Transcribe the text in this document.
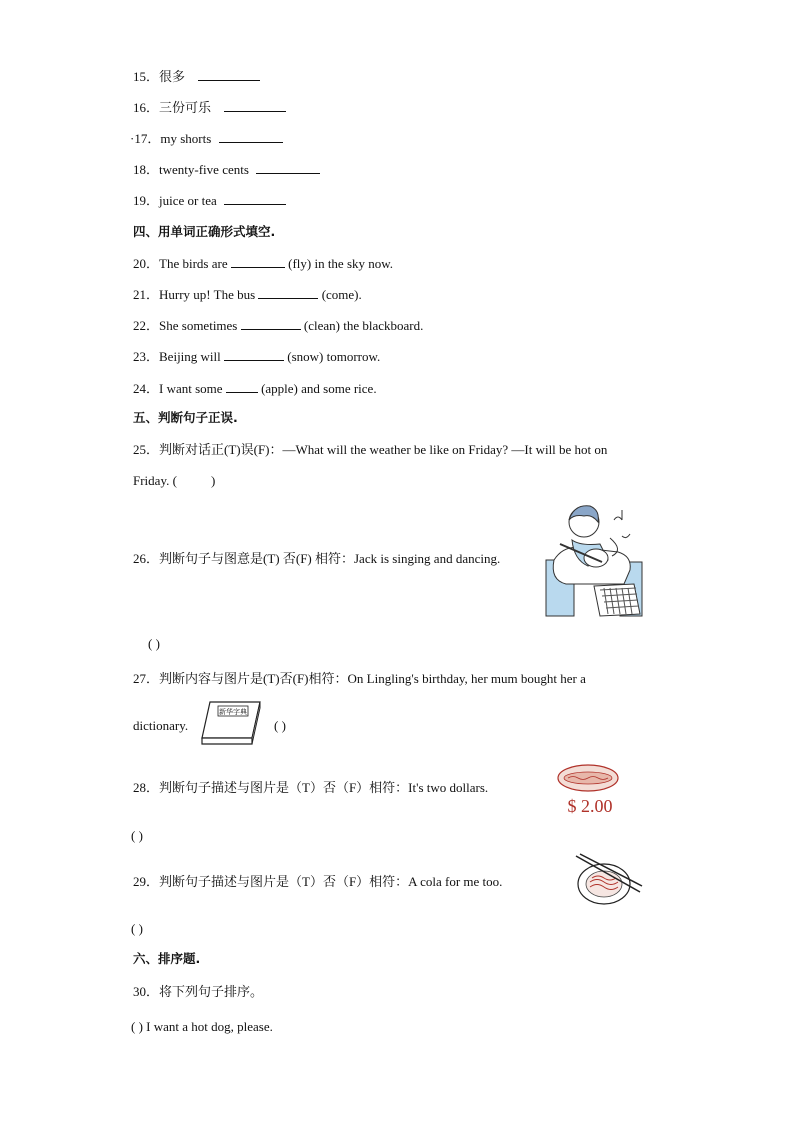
15．很多
16．三份可乐
·17．my shorts
18．twenty-five cents
19．juice or tea
四、用单词正确形式填空.
20．The birds are	(fly) in the sky now.
21．Hurry up! The bus	(come).
22．She sometimes	(clean) the blackboard.
23．Beijing will	(snow) tomorrow.
24．I want some	(apple) and some rice.
五、判断句子正误.
25．判断对话正(T)误(F)：—What will the weather be like on Friday? —It will be hot on
Friday. (	)
26．判断句子与图意是(T) 否(F) 相符：Jack is singing and dancing.
( )
27．判断内容与图片是(T)否(F)相符：On Lingling's birthday, her mum bought her a
dictionary.
新华字典
( )
28．判断句子描述与图片是（T）否（F）相符：It's two dollars.
$ 2.00
( )
29．判断句子描述与图片是（T）否（F）相符：A cola for me too.
( )
六、排序题.
30．将下列句子排序。
( ) I want a hot dog, please.
